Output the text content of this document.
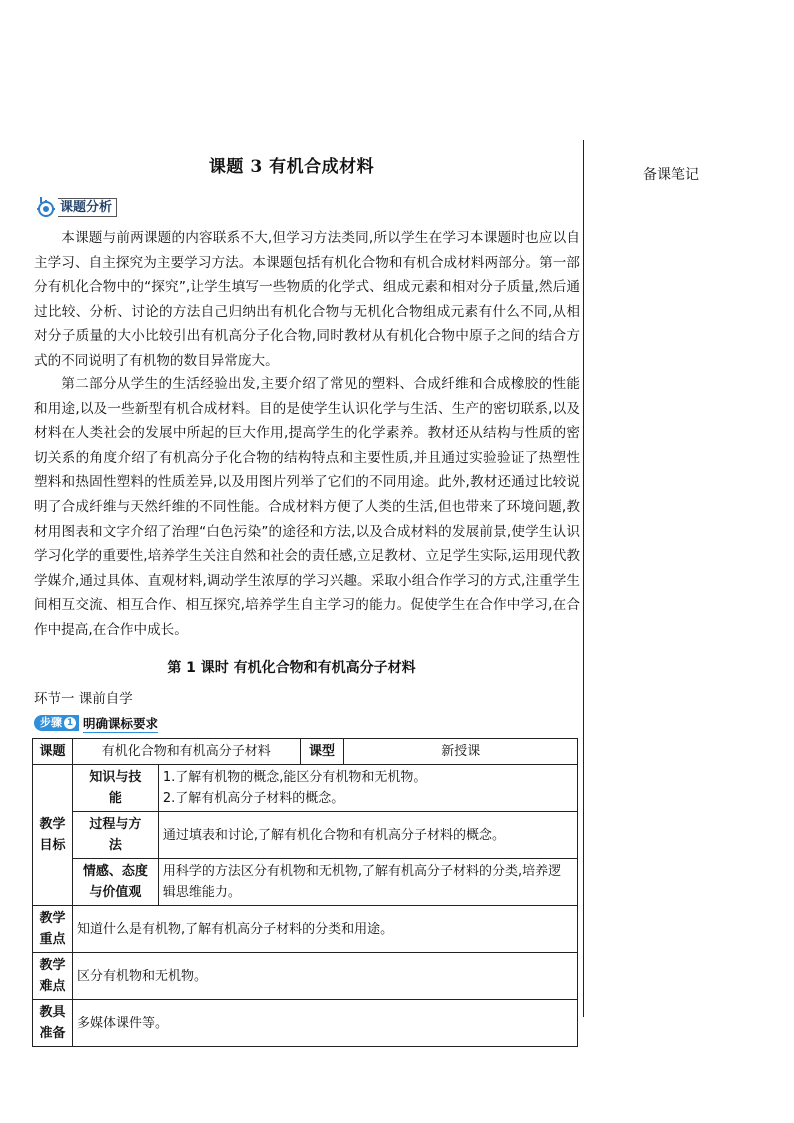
备课笔记
课题 3 有机合成材料
课题分析

本课题与前两课题的内容联系不大,但学习方法类同,所以学生在学习本课题时也应以自主学习、自主探究为主要学习方法。本课题包括有机化合物和有机合成材料两部分。第一部分有机化合物中的“探究”,让学生填写一些物质的化学式、组成元素和相对分子质量,然后通过比较、分析、讨论的方法自己归纳出有机化合物与无机化合物组成元素有什么不同,从相对分子质量的大小比较引出有机高分子化合物,同时教材从有机化合物中原子之间的结合方式的不同说明了有机物的数目异常庞大。

第二部分从学生的生活经验出发,主要介绍了常见的塑料、合成纤维和合成橡胶的性能和用途,以及一些新型有机合成材料。目的是使学生认识化学与生活、生产的密切联系,以及材料在人类社会的发展中所起的巨大作用,提高学生的化学素养。教材还从结构与性质的密切关系的角度介绍了有机高分子化合物的结构特点和主要性质,并且通过实验验证了热塑性塑料和热固性塑料的性质差异,以及用图片列举了它们的不同用途。此外,教材还通过比较说明了合成纤维与天然纤维的不同性能。合成材料方便了人类的生活,但也带来了环境问题,教材用图表和文字介绍了治理“白色污染”的途径和方法,以及合成材料的发展前景,使学生认识学习化学的重要性,培养学生关注自然和社会的责任感,立足教材、立足学生实际,运用现代教学媒介,通过具体、直观材料,调动学生浓厚的学习兴趣。采取小组合作学习的方式,注重学生间相互交流、相互合作、相互探究,培养学生自主学习的能力。促使学生在合作中学习,在合作中提高,在合作中成长。

第 1 课时 有机化合物和有机高分子材料
环节一 课前自学
步骤 1 明确课标要求
课题	有机化合物和有机高分子材料		课型	新授课
教学目标	知识与技能	1.了解有机物的概念,能区分有机物和无机物。
2.了解有机高分子材料的概念。		

	过程与方法	通过填表和讨论,了解有机化合物和有机高分子材料的概念。		
	情感、态度与价值观	用科学的方法区分有机物和无机物,了解有机高分子材料的分类,培养逻辑思维能力。		
教学重点	知道什么是有机物,了解有机高分子材料的分类和用途。			
教学难点	区分有机物和无机物。			
教具准备	多媒体课件等。			
